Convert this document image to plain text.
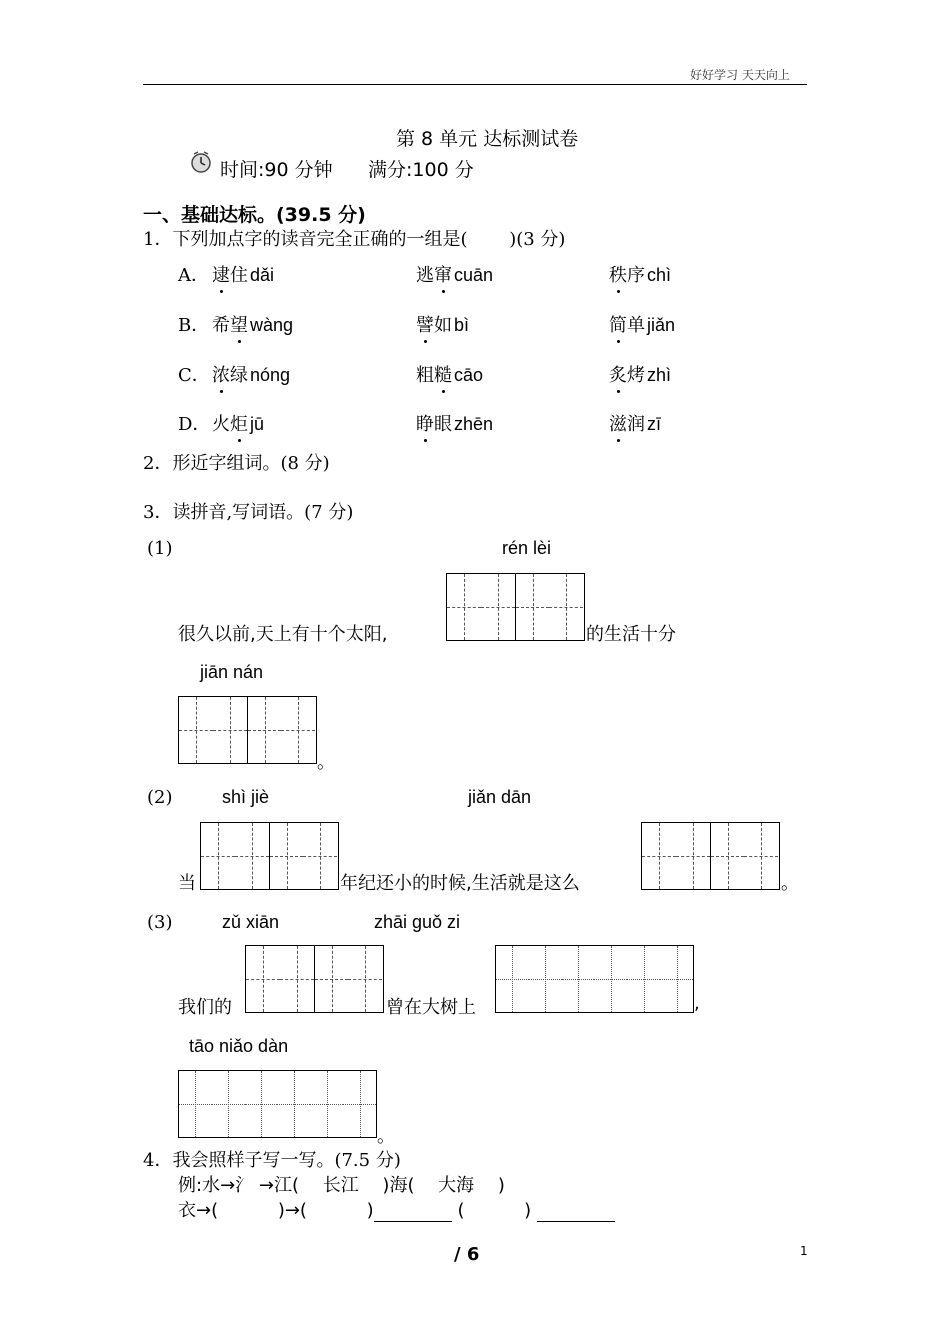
好好学习 天天向上
第 8 单元 达标测试卷
时间:90 分钟 满分:100 分
一、基础达标。(39.5 分)
1．下列加点字的读音完全正确的一组是(　　 )(3 分)
A． 逮住 dǎi	逃窜 cuān	秩序 chì
B． 希望 wàng	譬如 bì	简单 jiǎn
C． 浓绿 nóng	粗糙 cāo	炙烤 zhì
D． 火炬 jū	睁眼 zhēn	滋润 zī
2．形近字组词。(8 分)
3．读拼音,写词语。(7 分)
(1)	rén lèi
很久以前,天上有十个太阳,	的生活十分
jiān nán
。
(2)	shì jiè	jiǎn dān
当	年纪还小的时候,生活就是这么	。
(3)	zǔ xiān	zhāi guǒ zi
我们的	曾在大树上	,
tāo niǎo dàn
。
4．我会照样子写一写。(7.5 分)
例:水→氵 →江(　 长江　 )海(　 大海　 )
衣→(　　　 )→(　　　 )	(　　　 )
/ 6	1
